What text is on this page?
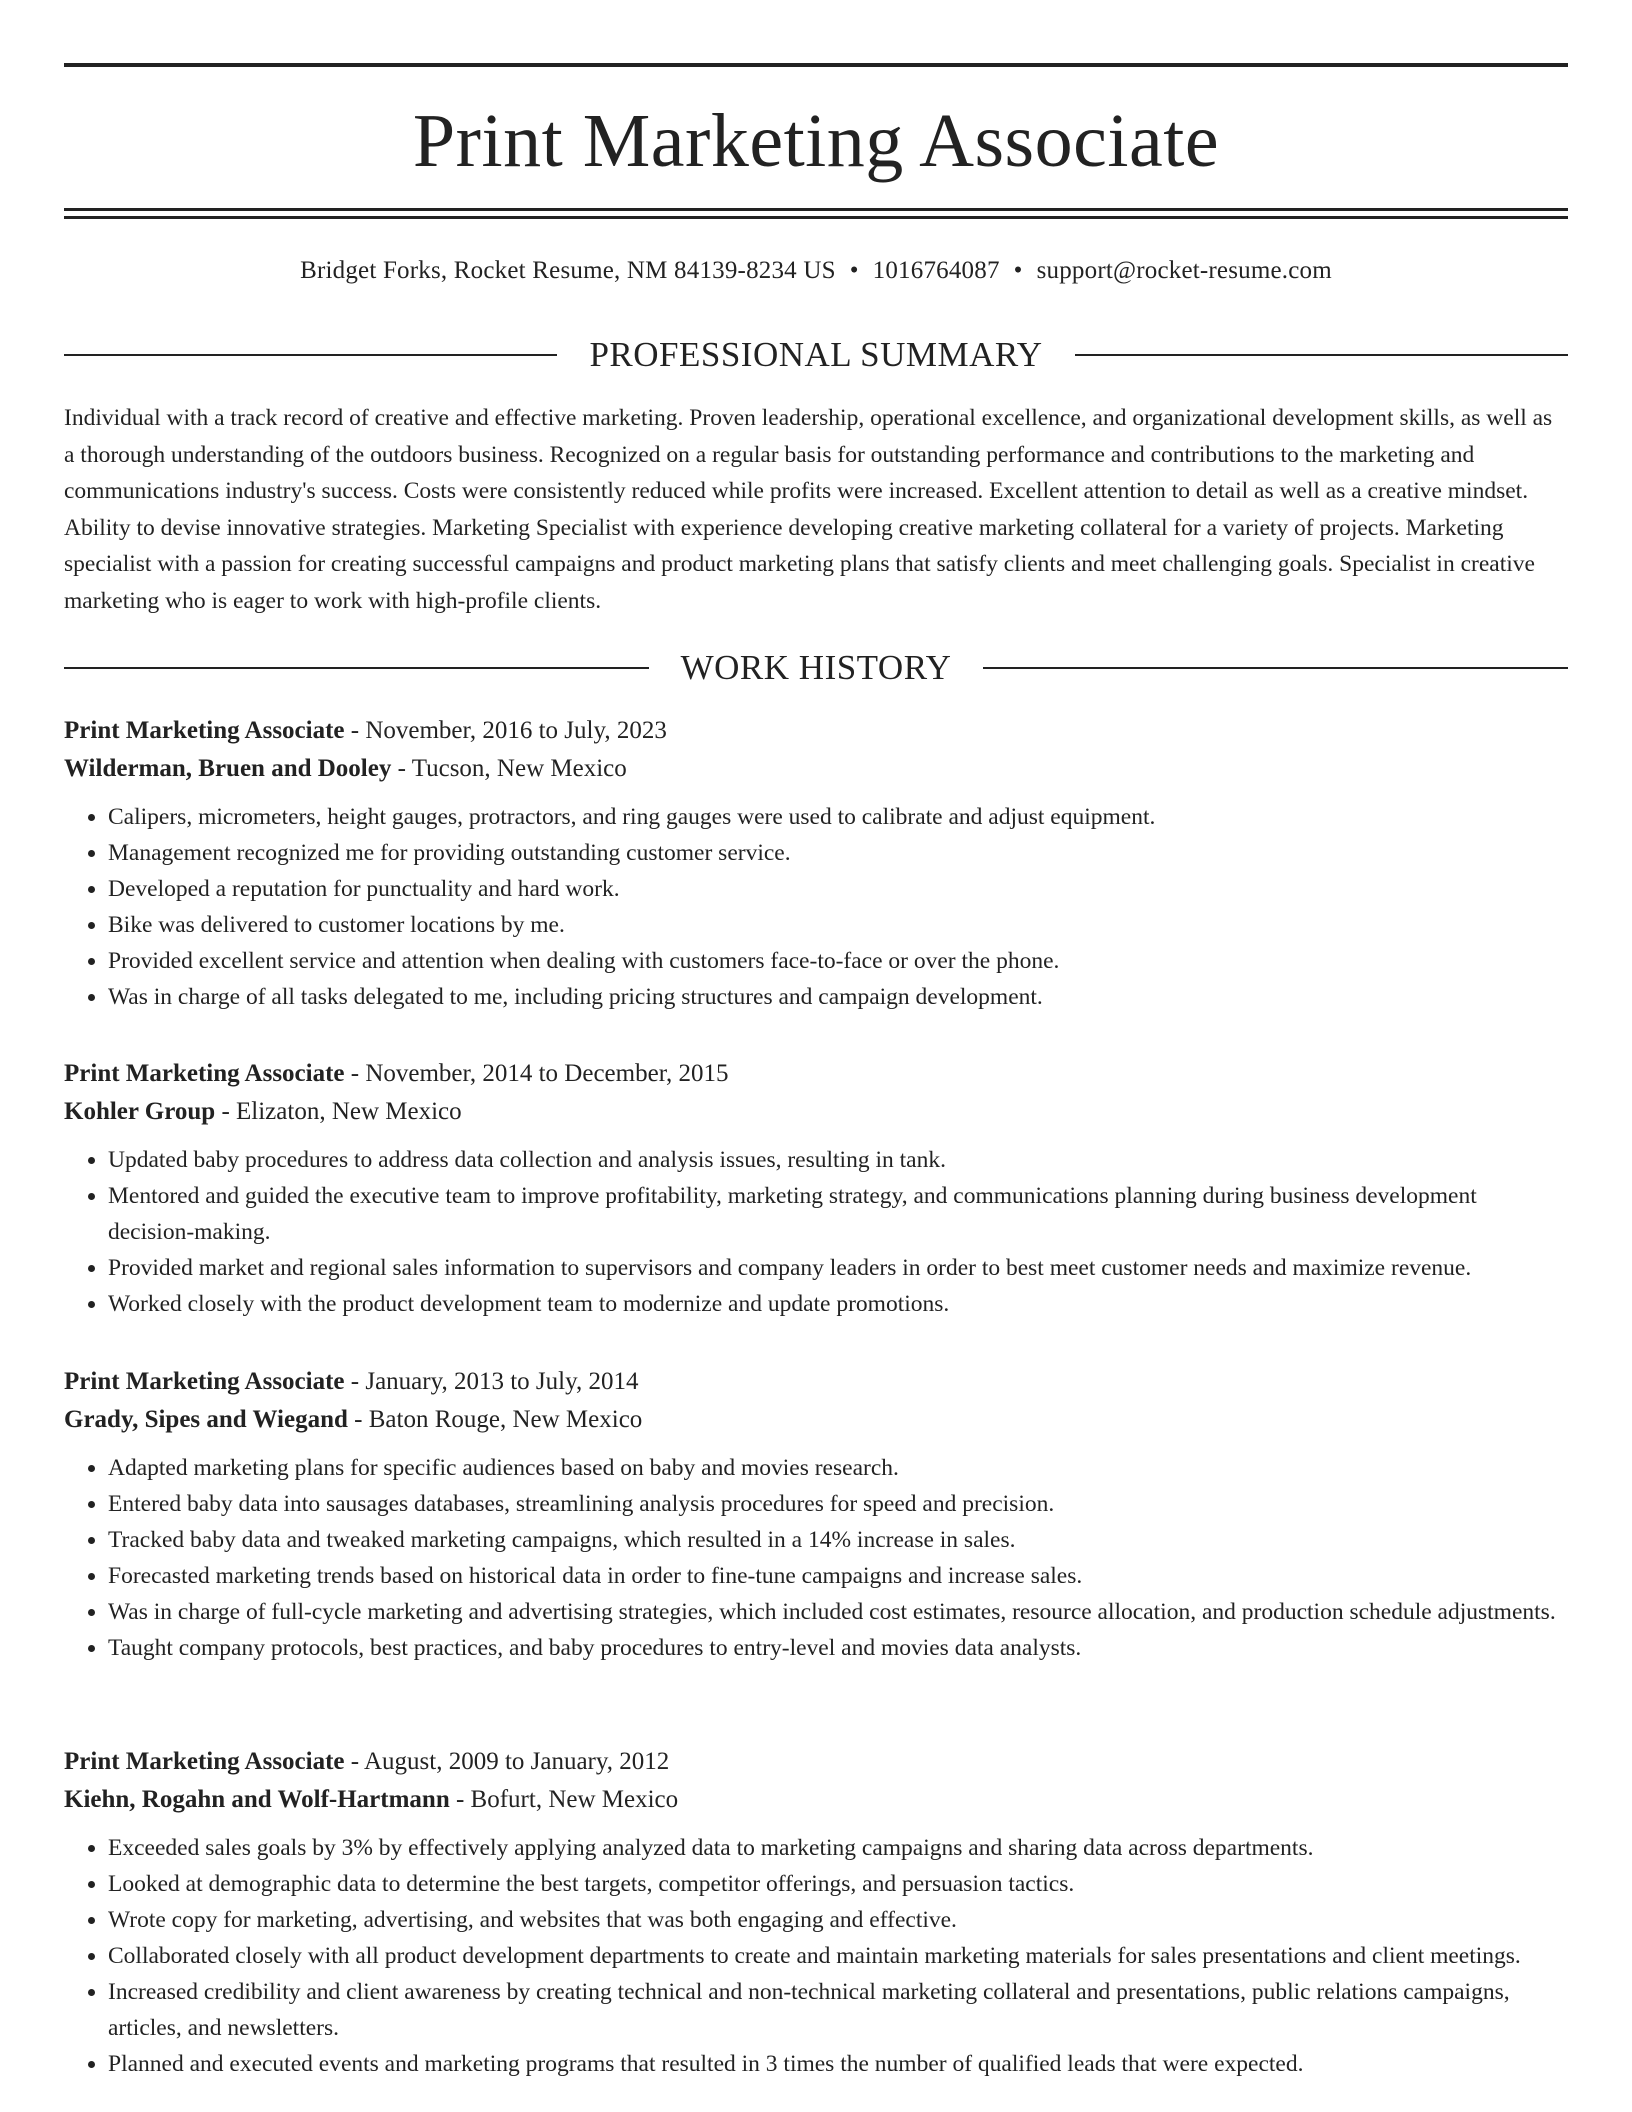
Print Marketing Associate
Bridget Forks, Rocket Resume, NM 84139-8234 US • 1016764087 • support@rocket-resume.com
PROFESSIONAL SUMMARY

Individual with a track record of creative and effective marketing. Proven leadership, operational excellence, and organizational development skills, as well as a thorough understanding of the outdoors business. Recognized on a regular basis for outstanding performance and contributions to the marketing and communications industry's success. Costs were consistently reduced while profits were increased. Excellent attention to detail as well as a creative mindset. Ability to devise innovative strategies. Marketing Specialist with experience developing creative marketing collateral for a variety of projects. Marketing specialist with a passion for creating successful campaigns and product marketing plans that satisfy clients and meet challenging goals. Specialist in creative marketing who is eager to work with high-profile clients.

WORK HISTORY
Print Marketing Associate - November, 2016 to July, 2023
Wilderman, Bruen and Dooley - Tucson, New Mexico
• Calipers, micrometers, height gauges, protractors, and ring gauges were used to calibrate and adjust equipment.
• Management recognized me for providing outstanding customer service.
• Developed a reputation for punctuality and hard work.
• Bike was delivered to customer locations by me.
• Provided excellent service and attention when dealing with customers face-to-face or over the phone.
• Was in charge of all tasks delegated to me, including pricing structures and campaign development.
Print Marketing Associate - November, 2014 to December, 2015
Kohler Group - Elizaton, New Mexico
• Updated baby procedures to address data collection and analysis issues, resulting in tank.
• Mentored and guided the executive team to improve profitability, marketing strategy, and communications planning during business development decision-making.
• Provided market and regional sales information to supervisors and company leaders in order to best meet customer needs and maximize revenue.
• Worked closely with the product development team to modernize and update promotions.
Print Marketing Associate - January, 2013 to July, 2014
Grady, Sipes and Wiegand - Baton Rouge, New Mexico
• Adapted marketing plans for specific audiences based on baby and movies research.
• Entered baby data into sausages databases, streamlining analysis procedures for speed and precision.
• Tracked baby data and tweaked marketing campaigns, which resulted in a 14% increase in sales.
• Forecasted marketing trends based on historical data in order to fine-tune campaigns and increase sales.
• Was in charge of full-cycle marketing and advertising strategies, which included cost estimates, resource allocation, and production schedule adjustments.
• Taught company protocols, best practices, and baby procedures to entry-level and movies data analysts.
Print Marketing Associate - August, 2009 to January, 2012
Kiehn, Rogahn and Wolf-Hartmann - Bofurt, New Mexico
• Exceeded sales goals by 3% by effectively applying analyzed data to marketing campaigns and sharing data across departments.
• Looked at demographic data to determine the best targets, competitor offerings, and persuasion tactics.
• Wrote copy for marketing, advertising, and websites that was both engaging and effective.
• Collaborated closely with all product development departments to create and maintain marketing materials for sales presentations and client meetings.
• Increased credibility and client awareness by creating technical and non-technical marketing collateral and presentations, public relations campaigns, articles, and newsletters.
• Planned and executed events and marketing programs that resulted in 3 times the number of qualified leads that were expected.
